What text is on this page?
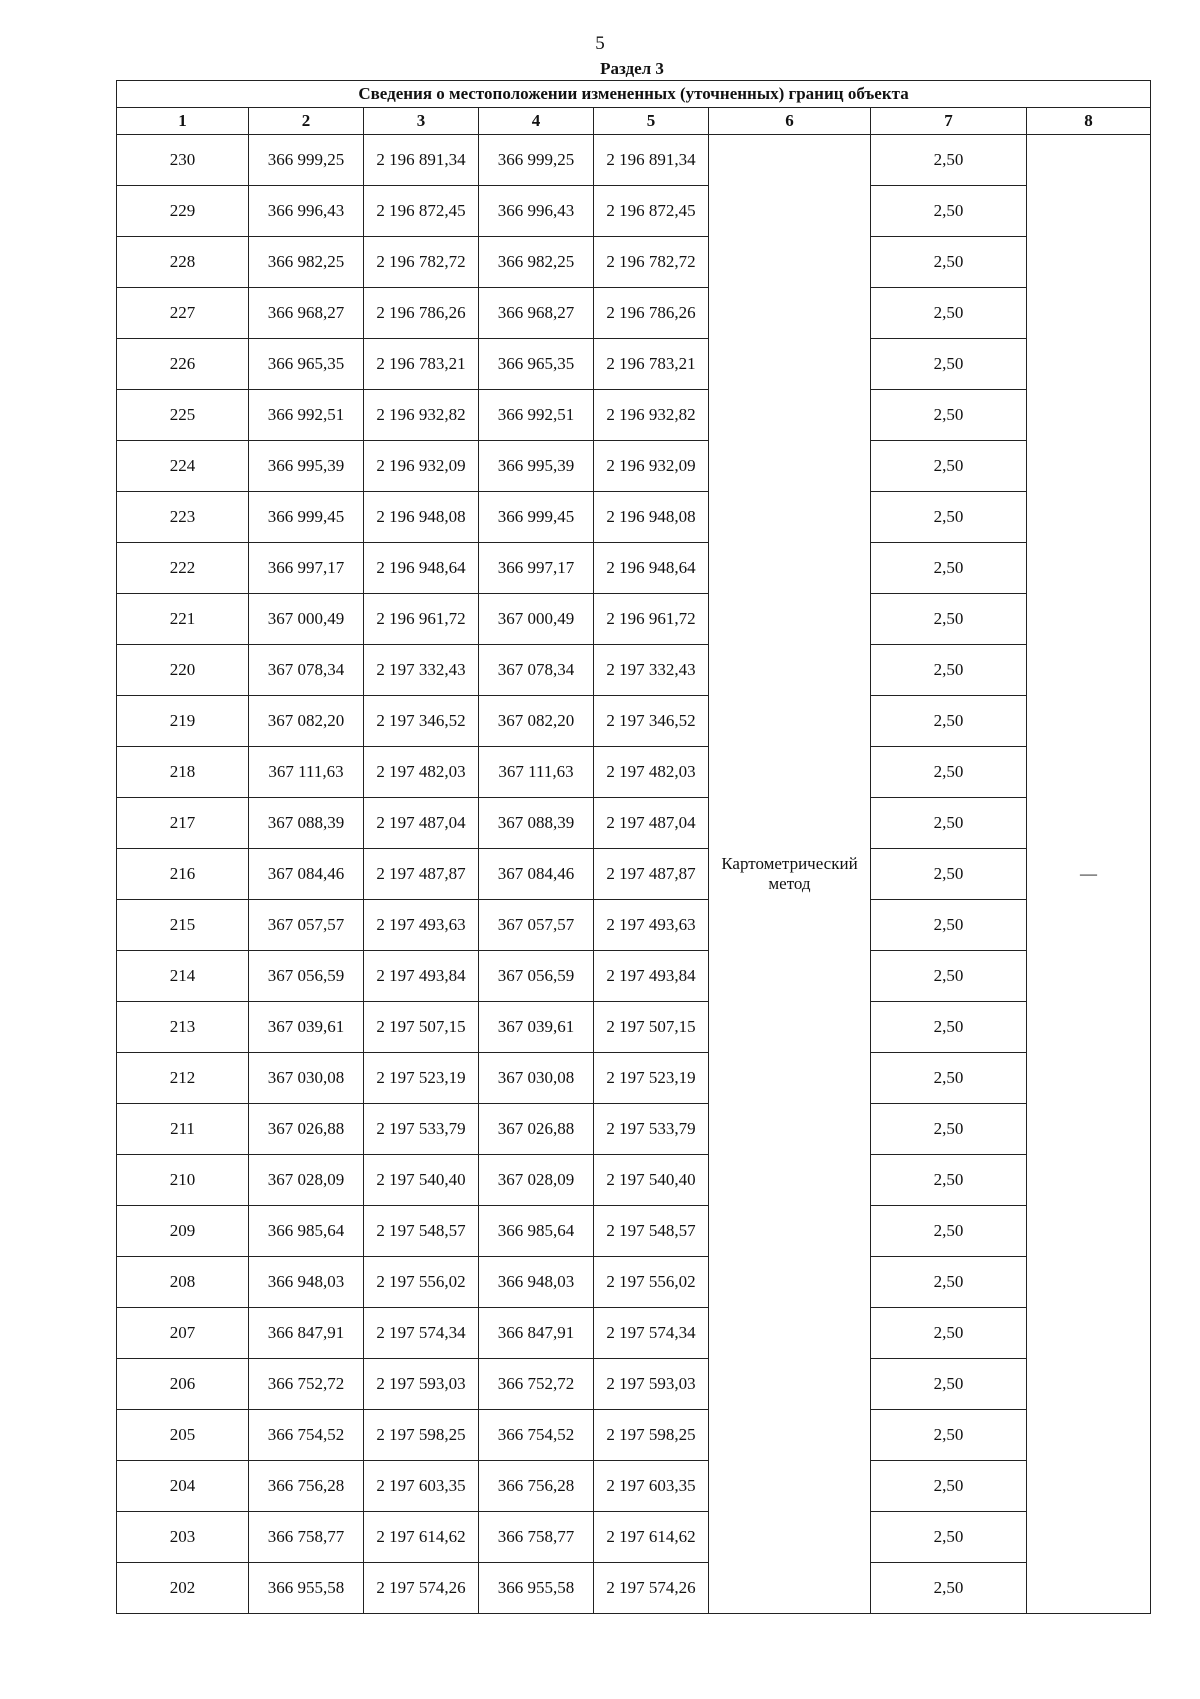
5
Раздел 3
Сведения о местоположении измененных (уточненных) границ объекта							
1	2	3	4	5	6	7	8
230	366 999,25	2 196 891,34	366 999,25	2 196 891,34	Картометрический метод	2,50	—
229	366 996,43	2 196 872,45	366 996,43	2 196 872,45		2,50	
228	366 982,25	2 196 782,72	366 982,25	2 196 782,72		2,50	
227	366 968,27	2 196 786,26	366 968,27	2 196 786,26		2,50	
226	366 965,35	2 196 783,21	366 965,35	2 196 783,21		2,50	
225	366 992,51	2 196 932,82	366 992,51	2 196 932,82		2,50	
224	366 995,39	2 196 932,09	366 995,39	2 196 932,09		2,50	
223	366 999,45	2 196 948,08	366 999,45	2 196 948,08		2,50	
222	366 997,17	2 196 948,64	366 997,17	2 196 948,64		2,50	
221	367 000,49	2 196 961,72	367 000,49	2 196 961,72		2,50	
220	367 078,34	2 197 332,43	367 078,34	2 197 332,43		2,50	
219	367 082,20	2 197 346,52	367 082,20	2 197 346,52		2,50	
218	367 111,63	2 197 482,03	367 111,63	2 197 482,03		2,50	
217	367 088,39	2 197 487,04	367 088,39	2 197 487,04		2,50	
216	367 084,46	2 197 487,87	367 084,46	2 197 487,87		2,50	
215	367 057,57	2 197 493,63	367 057,57	2 197 493,63		2,50	
214	367 056,59	2 197 493,84	367 056,59	2 197 493,84		2,50	
213	367 039,61	2 197 507,15	367 039,61	2 197 507,15		2,50	
212	367 030,08	2 197 523,19	367 030,08	2 197 523,19		2,50	
211	367 026,88	2 197 533,79	367 026,88	2 197 533,79		2,50	
210	367 028,09	2 197 540,40	367 028,09	2 197 540,40		2,50	
209	366 985,64	2 197 548,57	366 985,64	2 197 548,57		2,50	
208	366 948,03	2 197 556,02	366 948,03	2 197 556,02		2,50	
207	366 847,91	2 197 574,34	366 847,91	2 197 574,34		2,50	
206	366 752,72	2 197 593,03	366 752,72	2 197 593,03		2,50	
205	366 754,52	2 197 598,25	366 754,52	2 197 598,25		2,50	
204	366 756,28	2 197 603,35	366 756,28	2 197 603,35		2,50	
203	366 758,77	2 197 614,62	366 758,77	2 197 614,62		2,50	
202	366 955,58	2 197 574,26	366 955,58	2 197 574,26		2,50	
